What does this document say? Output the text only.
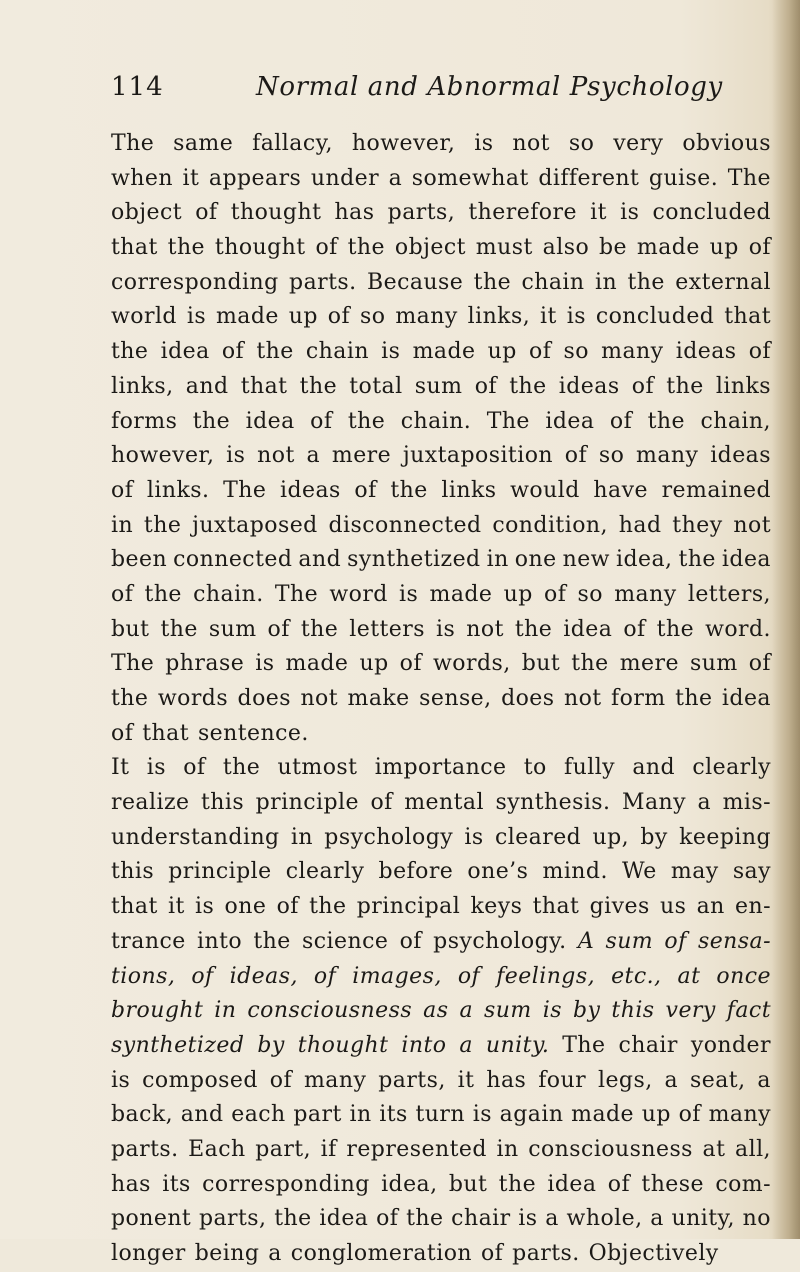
114	Normal and Abnormal Psychology
The same fallacy, however, is not so very obvious
when it appears under a somewhat different guise. The
object of thought has parts, therefore it is concluded
that the thought of the object must also be made up of
corresponding parts. Because the chain in the external
world is made up of so many links, it is concluded that
the idea of the chain is made up of so many ideas of
links, and that the total sum of the ideas of the links
forms the idea of the chain. The idea of the chain,
however, is not a mere juxtaposition of so many ideas
of links. The ideas of the links would have remained
in the juxtaposed disconnected condition, had they not
been connected and synthetized in one new idea, the idea
of the chain. The word is made up of so many letters,
but the sum of the letters is not the idea of the word.
The phrase is made up of words, but the mere sum of
the words does not make sense, does not form the idea
of that sentence.
It is of the utmost importance to fully and clearly
realize this principle of mental synthesis. Many a mis-
understanding in psychology is cleared up, by keeping
this principle clearly before one’s mind. We may say
that it is one of the principal keys that gives us an en-
trance into the science of psychology. A sum of sensa-
tions, of ideas, of images, of feelings, etc., at once
brought in consciousness as a sum is by this very fact
synthetized by thought into a unity. The chair yonder
is composed of many parts, it has four legs, a seat, a
back, and each part in its turn is again made up of many
parts. Each part, if represented in consciousness at all,
has its corresponding idea, but the idea of these com-
ponent parts, the idea of the chair is a whole, a unity, no
longer being a conglomeration of parts. Objectively
